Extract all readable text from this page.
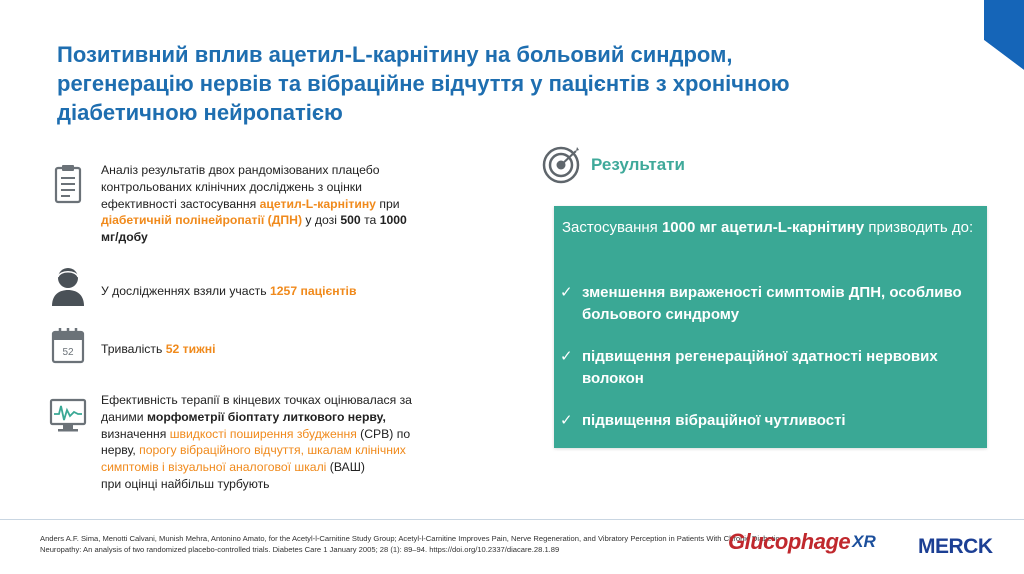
Позитивний вплив ацетил-L-карнітину на больовий синдром,
регенерацію нервів та вібраційне відчуття у пацієнтів з хронічною
діабетичною нейропатією
Аналіз результатів двох рандомізованих плацебо контрольованих клінічних досліджень з оцінки ефективності застосування ацетил-L-карнітину при діабетичній полінейропатії (ДПН) у дозі 500 та 1000 мг/добу
У дослідженнях взяли участь 1257 пацієнтів
52 Тривалість 52 тижні
Ефективність терапії в кінцевих точках оцінювалася за даними морфометрії біоптату литкового нерву, визначення швидкості поширення збудження (СРВ) по нерву, порогу вібраційного відчуття, шкалам клінічних симптомів і візуальної аналогової шкалі (ВАШ)
при оцінці найбільш турбують
Результати
Застосування 1000 мг ацетил-L-карнітину призводить до:
✓ зменшення вираженості симптомів ДПН, особливо больового синдрому
✓ підвищення регенераційної здатності нервових волокон
✓ підвищення вібраційної чутливості
Anders A.F. Sima, Menotti Calvani, Munish Mehra, Antonino Amato, for the Acetyl-l-Carnitine Study Group; Acetyl-l-Carnitine Improves Pain, Nerve Regeneration, and Vibratory Perception in Patients With Chronic Diabetic Neuropathy: An analysis of two randomized placebo-controlled trials. Diabetes Care 1 January 2005; 28 (1): 89–94. https://doi.org/10.2337/diacare.28.1.89	Glucophage XR MERCK
